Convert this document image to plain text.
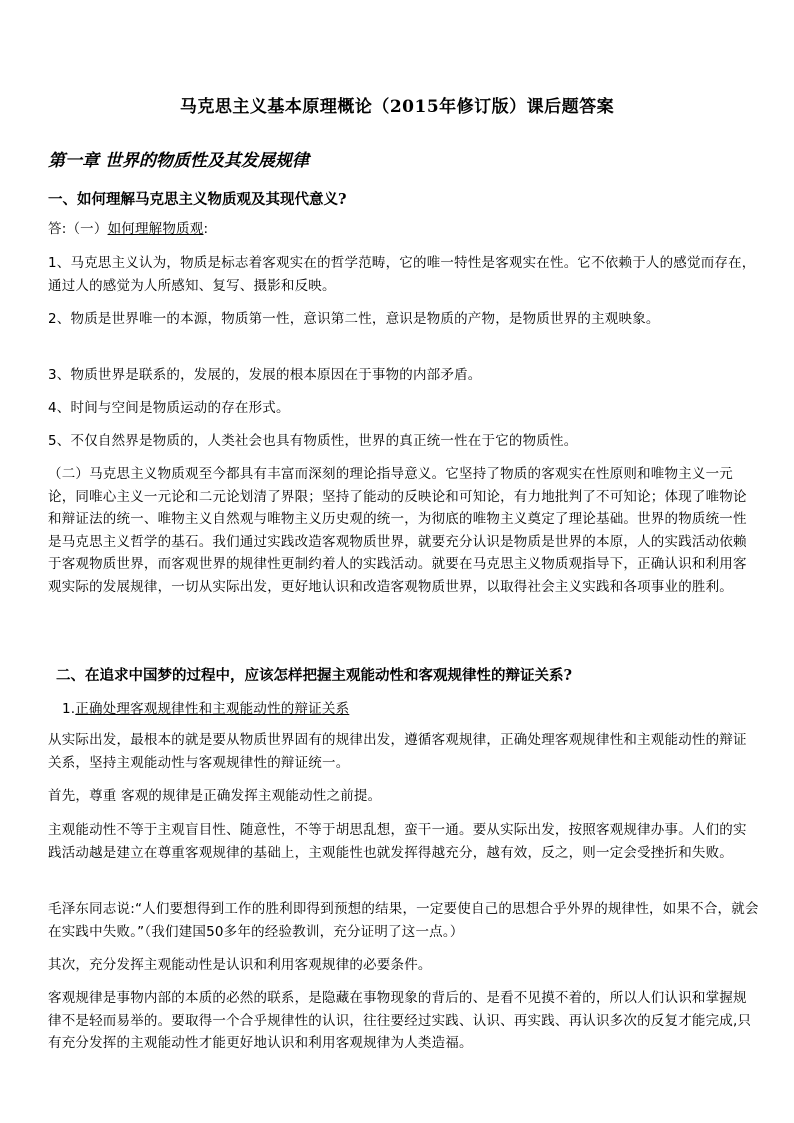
马克思主义基本原理概论（2015年修订版）课后题答案
第一章 世界的物质性及其发展规律
一、如何理解马克思主义物质观及其现代意义?
答:（一）如何理解物质观:
1、马克思主义认为，物质是标志着客观实在的哲学范畴，它的唯一特性是客观实在性。它不依赖于人的感觉而存在，通过人的感觉为人所感知、复写、摄影和反映。
2、物质是世界唯一的本源，物质第一性，意识第二性，意识是物质的产物，是物质世界的主观映象。
3、物质世界是联系的，发展的，发展的根本原因在于事物的内部矛盾。
4、时间与空间是物质运动的存在形式。
5、不仅自然界是物质的，人类社会也具有物质性，世界的真正统一性在于它的物质性。
（二）马克思主义物质观至今都具有丰富而深刻的理论指导意义。它坚持了物质的客观实在性原则和唯物主义一元论，同唯心主义一元论和二元论划清了界限；坚持了能动的反映论和可知论，有力地批判了不可知论；体现了唯物论和辩证法的统一、唯物主义自然观与唯物主义历史观的统一，为彻底的唯物主义奠定了理论基础。世界的物质统一性是马克思主义哲学的基石。我们通过实践改造客观物质世界，就要充分认识是物质是世界的本原，人的实践活动依赖于客观物质世界，而客观世界的规律性更制约着人的实践活动。就要在马克思主义物质观指导下，正确认识和利用客观实际的发展规律，一切从实际出发，更好地认识和改造客观物质世界，以取得社会主义实践和各项事业的胜利。
二、在追求中国梦的过程中，应该怎样把握主观能动性和客观规律性的辩证关系?
1.正确处理客观规律性和主观能动性的辩证关系
从实际出发，最根本的就是要从物质世界固有的规律出发，遵循客观规律，正确处理客观规律性和主观能动性的辩证关系，坚持主观能动性与客观规律性的辩证统一。
首先，尊重 客观的规律是正确发挥主观能动性之前提。
主观能动性不等于主观盲目性、随意性，不等于胡思乱想，蛮干一通。要从实际出发，按照客观规律办事。人们的实践活动越是建立在尊重客观规律的基础上，主观能性也就发挥得越充分，越有效，反之，则一定会受挫折和失败。
毛泽东同志说:“人们要想得到工作的胜利即得到预想的结果，一定要使自己的思想合乎外界的规律性，如果不合，就会在实践中失败。”（我们建国50多年的经验教训，充分证明了这一点。）
其次，充分发挥主观能动性是认识和利用客观规律的必要条件。
客观规律是事物内部的本质的必然的联系，是隐藏在事物现象的背后的、是看不见摸不着的，所以人们认识和掌握规律不是轻而易举的。要取得一个合乎规律性的认识，往往要经过实践、认识、再实践、再认识多次的反复才能完成,只有充分发挥的主观能动性才能更好地认识和利用客观规律为人类造福。
